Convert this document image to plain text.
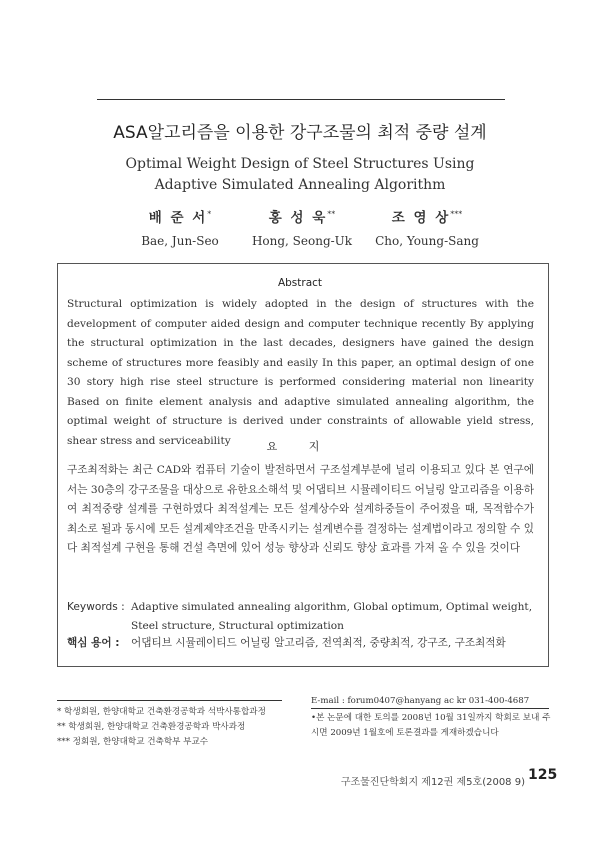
ASA알고리즘을 이용한 강구조물의 최적 중량 설계
Optimal Weight Design of Steel Structures Using
Adaptive Simulated Annealing Algorithm
배 준 서*
Bae, Jun-Seo
홍 성 욱**
Hong, Seong-Uk
조 영 상***
Cho, Young-Sang
Abstract
Structural optimization is widely adopted in the design of structures with the development of computer aided design and computer technique recently By applying the structural optimization in the last decades, designers have gained the design scheme of structures more feasibly and easily In this paper, an optimal design of one 30 story high rise steel structure is performed considering material non linearity Based on finite element analysis and adaptive simulated annealing algorithm, the optimal weight of structure is derived under constraints of allowable yield stress, shear stress and serviceability	요 지
구조최적화는 최근 CAD와 컴퓨터 기술이 발전하면서 구조설계부분에 널리 이용되고 있다 본 연구에서는 30층의 강구조물을 대상으로 유한요소해석 및 어댑티브 시뮬레이티드 어닐링 알고리즘을 이용하여 최적중량 설계를 구현하였다 최적설계는 모든 설계상수와 설계하중들이 주어졌을 때, 목적함수가 최소로 될과 동시에 모든 설계제약조건을 만족시키는 설계변수를 결정하는 설계법이라고 정의할 수 있다 최적설계 구현을 통해 건설 측면에 있어 성능 향상과 신뢰도 향상 효과를 가져 올 수 있을 것이다
Keywords : Adaptive simulated annealing algorithm, Global optimum, Optimal weight, Steel structure, Structural optimization
핵심 용어 : 어댑티브 시뮬레이티드 어닐링 알고리즘, 전역최적, 중량최적, 강구조, 구조최적화
* 학생회원, 한양대학교 건축환경공학과 석박사통합과정
** 학생회원, 한양대학교 건축환경공학과 박사과정
*** 정회원, 한양대학교 건축학부 부교수
E-mail : forum0407@hanyang ac kr 031-400-4687
•본 논문에 대한 토의를 2008년 10월 31일까지 학회로 보내 주시면 2009년 1월호에 토론결과를 게재하겠습니다
구조물진단학회지 제12권 제5호(2008 9) 125
